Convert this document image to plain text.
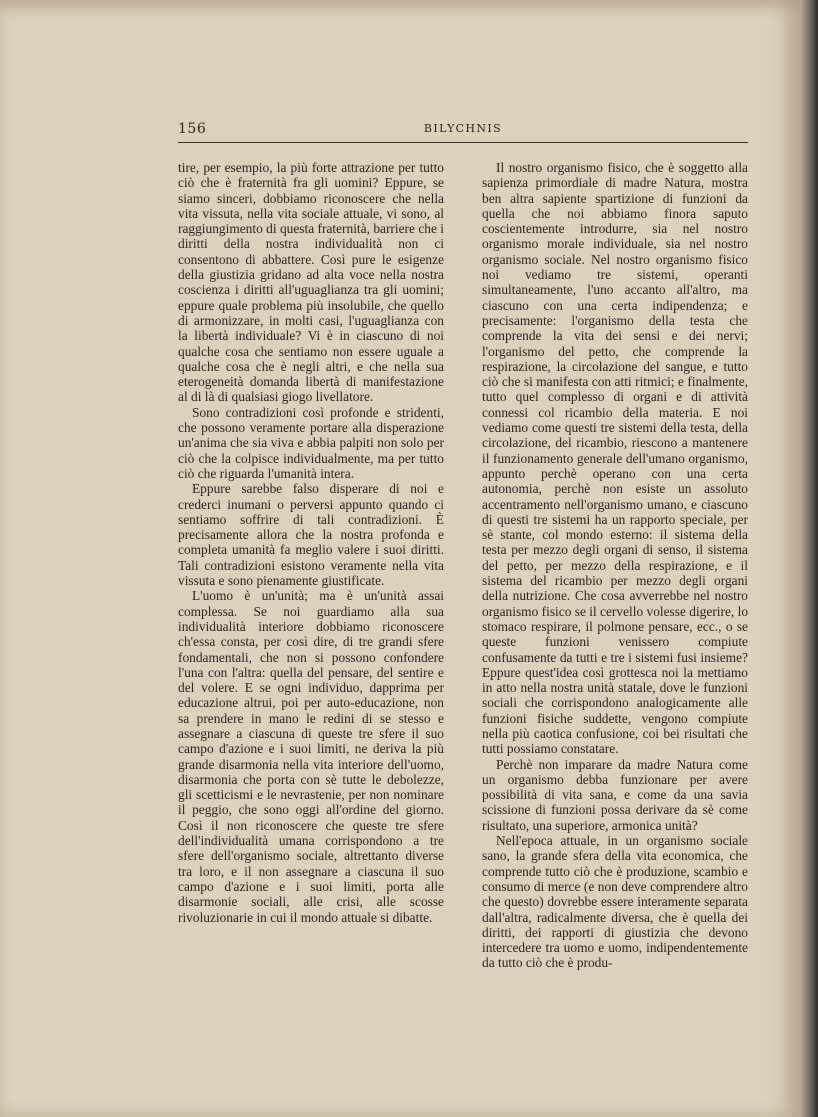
156	BILYCHNIS

tire, per esempio, la più forte attrazione per tutto ciò che è fraternità fra gli uomini? Eppure, se siamo sinceri, dobbiamo riconoscere che nella vita vissuta, nella vita sociale attuale, vi sono, al raggiungimento di questa fraternità, barriere che i diritti della nostra individualità non ci consentono di abbattere. Così pure le esigenze della giustizia gridano ad alta voce nella nostra coscienza i diritti all'uguaglianza tra gli uomini; eppure quale problema più insolubile, che quello di armonizzare, in molti casi, l'uguaglianza con la libertà individuale? Vi è in ciascuno di noi qualche cosa che sentiamo non essere uguale a qualche cosa che è negli altri, e che nella sua eterogeneità domanda libertà di manifestazione al di là di qualsiasi giogo livellatore.

Sono contradizioni così profonde e stridenti, che possono veramente portare alla disperazione un'anima che sia viva e abbia palpiti non solo per ciò che la colpisce individualmente, ma per tutto ciò che riguarda l'umanità intera.

Eppure sarebbe falso disperare di noi e crederci inumani o perversi appunto quando ci sentiamo soffrire di tali contradizioni. È precisamente allora che la nostra profonda e completa umanità fa meglio valere i suoi diritti. Tali contradizioni esistono veramente nella vita vissuta e sono pienamente giustificate.

L'uomo è un'unità; ma è un'unità assai complessa. Se noi guardiamo alla sua individualità interiore dobbiamo riconoscere ch'essa consta, per così dire, di tre grandi sfere fondamentali, che non si possono confondere l'una con l'altra: quella del pensare, del sentire e del volere. E se ogni individuo, dapprima per educazione altrui, poi per auto-educazione, non sa prendere in mano le redini di se stesso e assegnare a ciascuna di queste tre sfere il suo campo d'azione e i suoi limiti, ne deriva la più grande disarmonia nella vita interiore dell'uomo, disarmonia che porta con sè tutte le debolezze, gli scetticismi e le nevrastenie, per non nominare il peggio, che sono oggi all'ordine del giorno. Così il non riconoscere che queste tre sfere dell'individualità umana corrispondono a tre sfere dell'organismo sociale, altrettanto diverse tra loro, e il non assegnare a ciascuna il suo campo d'azione e i suoi limiti, porta alle disarmonie sociali, alle crisi, alle scosse rivoluzionarie in cui il mondo attuale si dibatte.

Il nostro organismo fisico, che è soggetto alla sapienza primordiale di madre Natura, mostra ben altra sapiente spartizione di funzioni da quella che noi abbiamo finora saputo coscientemente introdurre, sia nel nostro organismo morale individuale, sia nel nostro organismo sociale. Nel nostro organismo fisico noi vediamo tre sistemi, operanti simultaneamente, l'uno accanto all'altro, ma ciascuno con una certa indipendenza; e precisamente: l'organismo della testa che comprende la vita dei sensi e dei nervi; l'organismo del petto, che comprende la respirazione, la circolazione del sangue, e tutto ciò che si manifesta con atti ritmici; e finalmente, tutto quel complesso di organi e di attività connessi col ricambio della materia. E noi vediamo come questi tre sistemi della testa, della circolazione, del ricambio, riescono a mantenere il funzionamento generale dell'umano organismo, appunto perchè operano con una certa autonomia, perchè non esiste un assoluto accentramento nell'organismo umano, e ciascuno di questi tre sistemi ha un rapporto speciale, per sè stante, col mondo esterno: il sistema della testa per mezzo degli organi di senso, il sistema del petto, per mezzo della respirazione, e il sistema del ricambio per mezzo degli organi della nutrizione. Che cosa avverrebbe nel nostro organismo fisico se il cervello volesse digerire, lo stomaco respirare, il polmone pensare, ecc., o se queste funzioni venissero compiute confusamente da tutti e tre i sistemi fusi insieme? Eppure quest'idea così grottesca noi la mettiamo in atto nella nostra unità statale, dove le funzioni sociali che corrispondono analogicamente alle funzioni fisiche suddette, vengono compiute nella più caotica confusione, coi bei risultati che tutti possiamo constatare.

Perchè non imparare da madre Natura come un organismo debba funzionare per avere possibilità di vita sana, e come da una savia scissione di funzioni possa derivare da sè come risultato, una superiore, armonica unità?

Nell'epoca attuale, in un organismo sociale sano, la grande sfera della vita economica, che comprende tutto ciò che è produzione, scambio e consumo di merce (e non deve comprendere altro che questo) dovrebbe essere interamente separata dall'altra, radicalmente diversa, che è quella dei diritti, dei rapporti di giustizia che devono intercedere tra uomo e uomo, indipendentemente da tutto ciò che è produ-
